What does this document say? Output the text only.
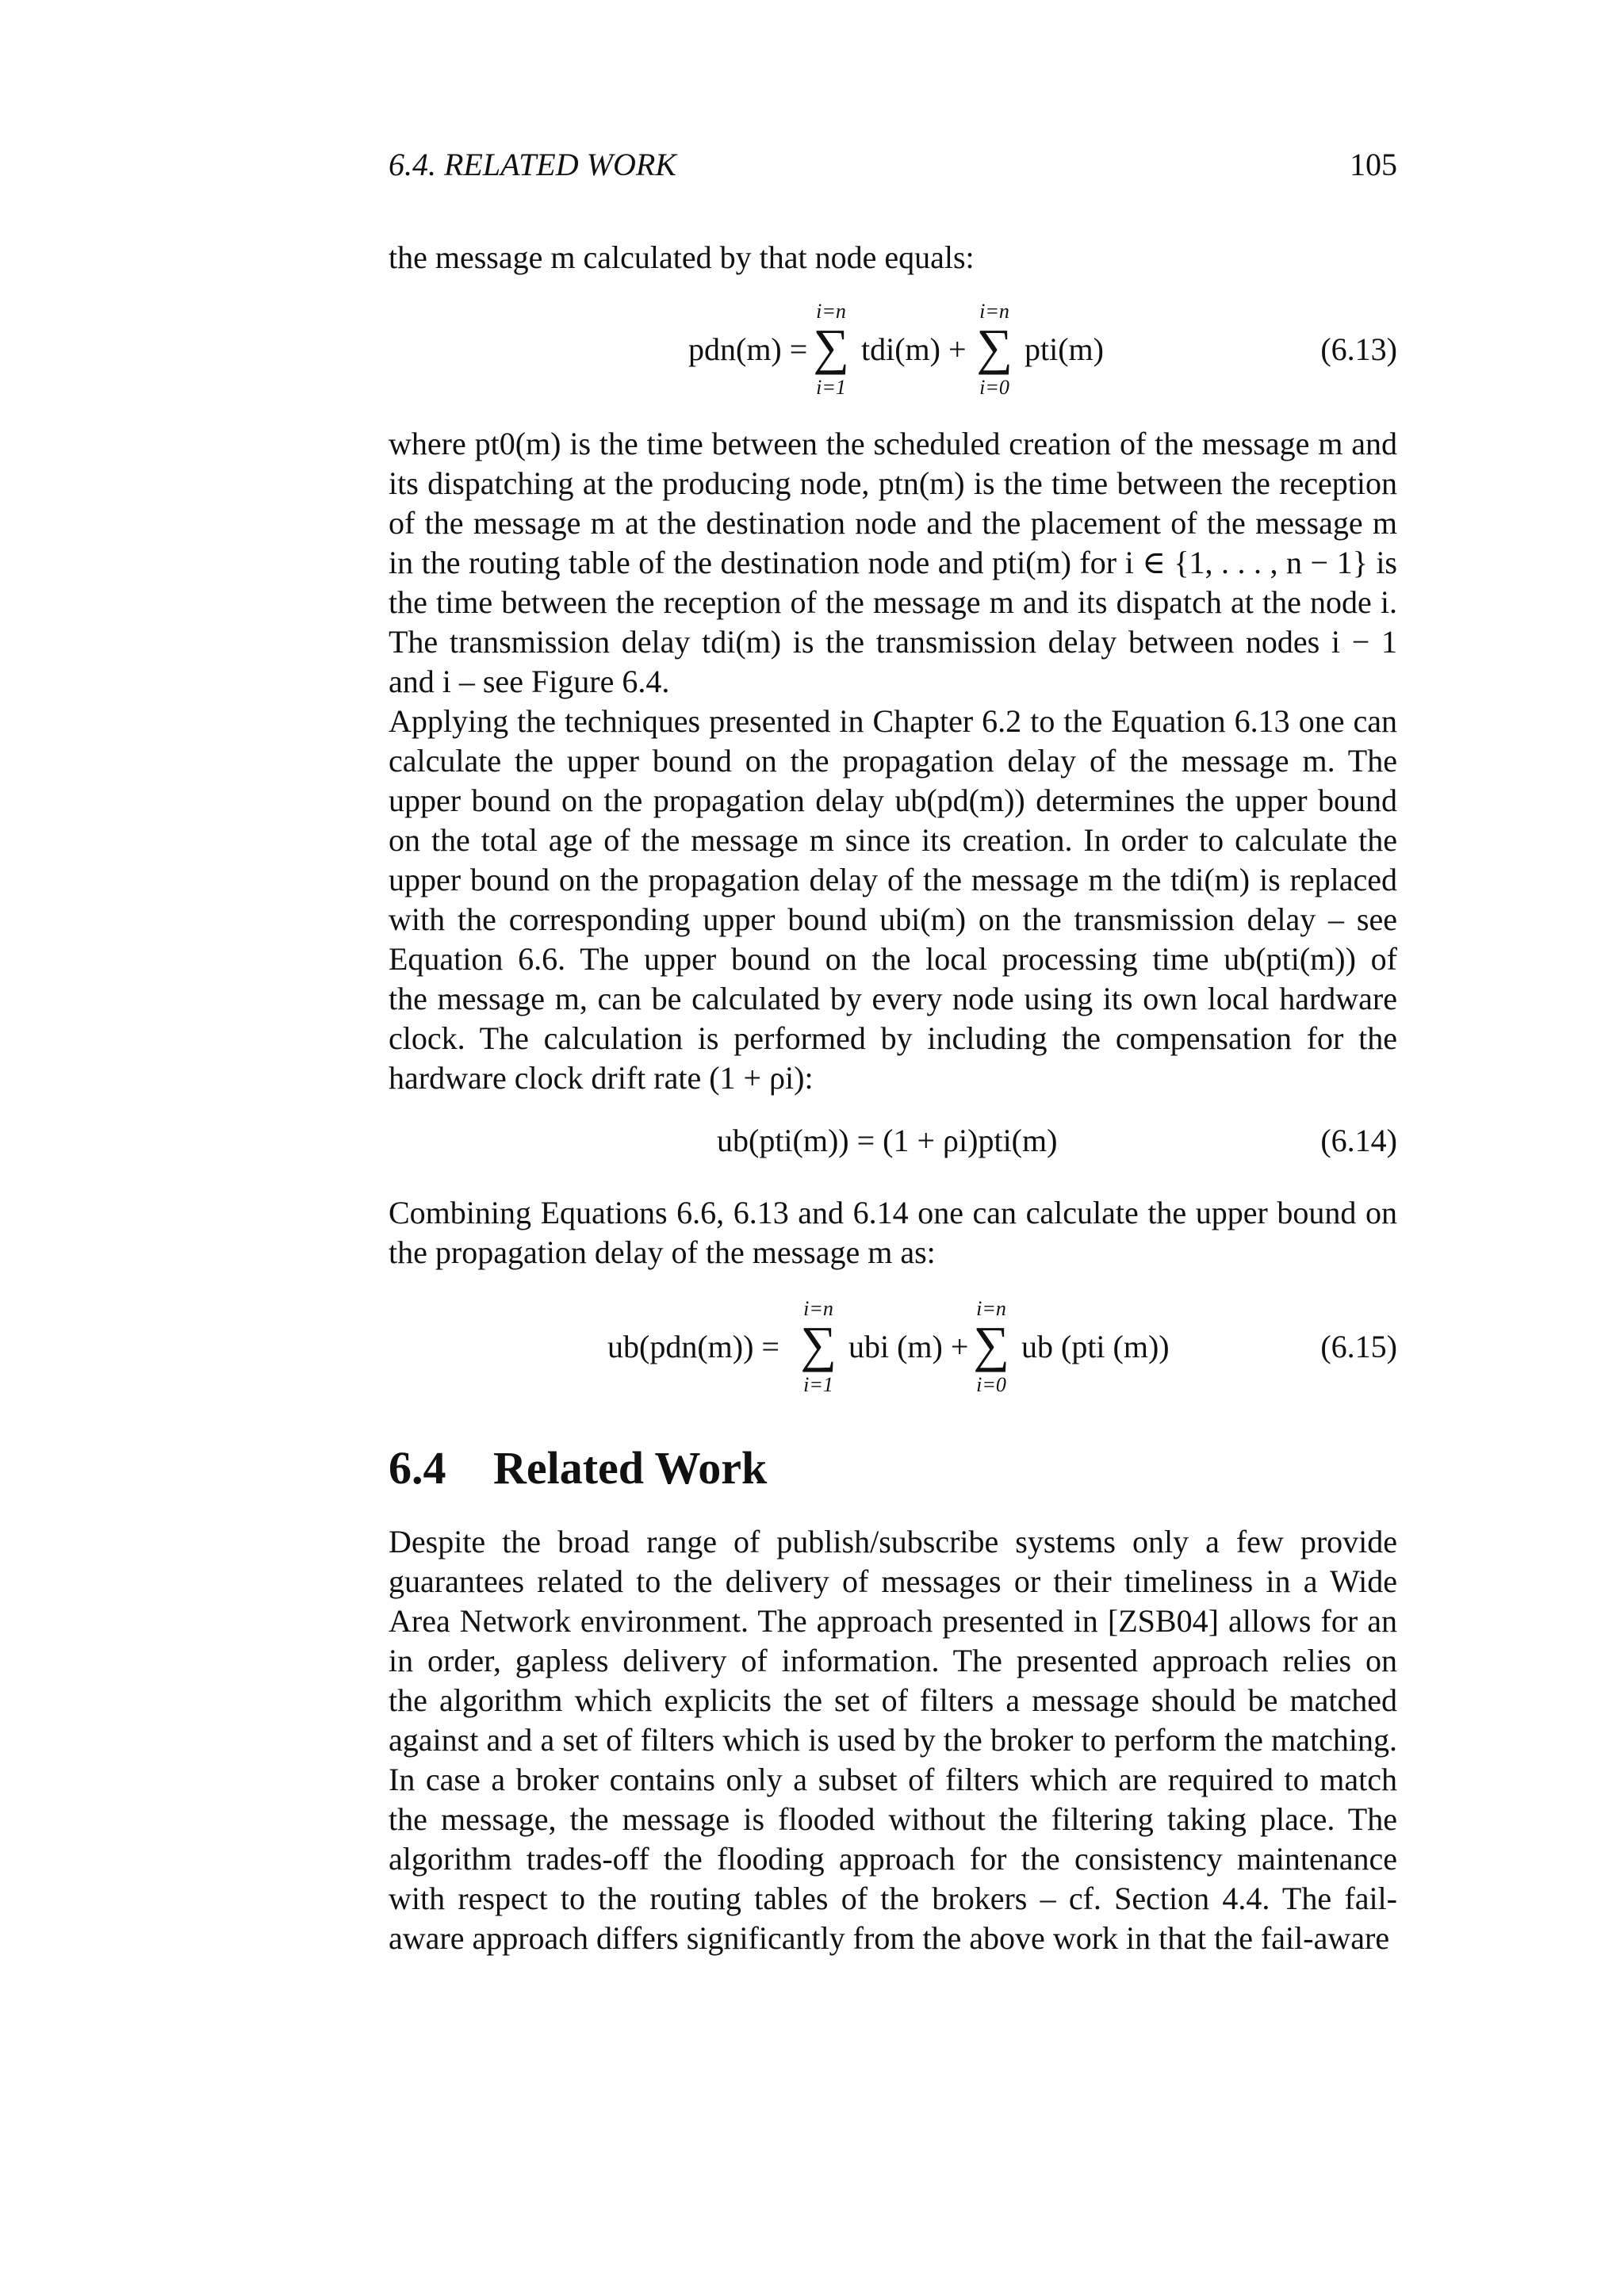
6.4. RELATED WORK	105
the message m calculated by that node equals:
pdn(m) =
i=n
∑
i=1
tdi(m) +
i=n
∑
i=0
pti(m)	(6.13)
where pt0(m) is the time between the scheduled creation of the message m and
its dispatching at the producing node, ptn(m) is the time between the reception
of the message m at the destination node and the placement of the message m
in the routing table of the destination node and pti(m) for i ∈ {1, . . . , n − 1} is
the time between the reception of the message m and its dispatch at the node i.
The transmission delay tdi(m) is the transmission delay between nodes i − 1
and i – see Figure 6.4.
Applying the techniques presented in Chapter 6.2 to the Equation 6.13 one can
calculate the upper bound on the propagation delay of the message m. The
upper bound on the propagation delay ub(pd(m)) determines the upper bound
on the total age of the message m since its creation. In order to calculate the
upper bound on the propagation delay of the message m the tdi(m) is replaced
with the corresponding upper bound ubi(m) on the transmission delay – see
Equation 6.6. The upper bound on the local processing time ub(pti(m)) of
the message m, can be calculated by every node using its own local hardware
clock. The calculation is performed by including the compensation for the
hardware clock drift rate (1 + ρi):
ub(pti(m)) = (1 + ρi)pti(m)	(6.14)
Combining Equations 6.6, 6.13 and 6.14 one can calculate the upper bound on
the propagation delay of the message m as:
ub(pdn(m)) =
i=n
∑
i=1
ubi (m) +
i=n
∑
i=0
ub (pti (m))	(6.15)
6.4 Related Work
Despite the broad range of publish/subscribe systems only a few provide
guarantees related to the delivery of messages or their timeliness in a Wide
Area Network environment. The approach presented in [ZSB04] allows for an
in order, gapless delivery of information. The presented approach relies on
the algorithm which explicits the set of filters a message should be matched
against and a set of filters which is used by the broker to perform the matching.
In case a broker contains only a subset of filters which are required to match
the message, the message is flooded without the filtering taking place. The
algorithm trades-off the flooding approach for the consistency maintenance
with respect to the routing tables of the brokers – cf. Section 4.4. The fail-
aware approach differs significantly from the above work in that the fail-aware
